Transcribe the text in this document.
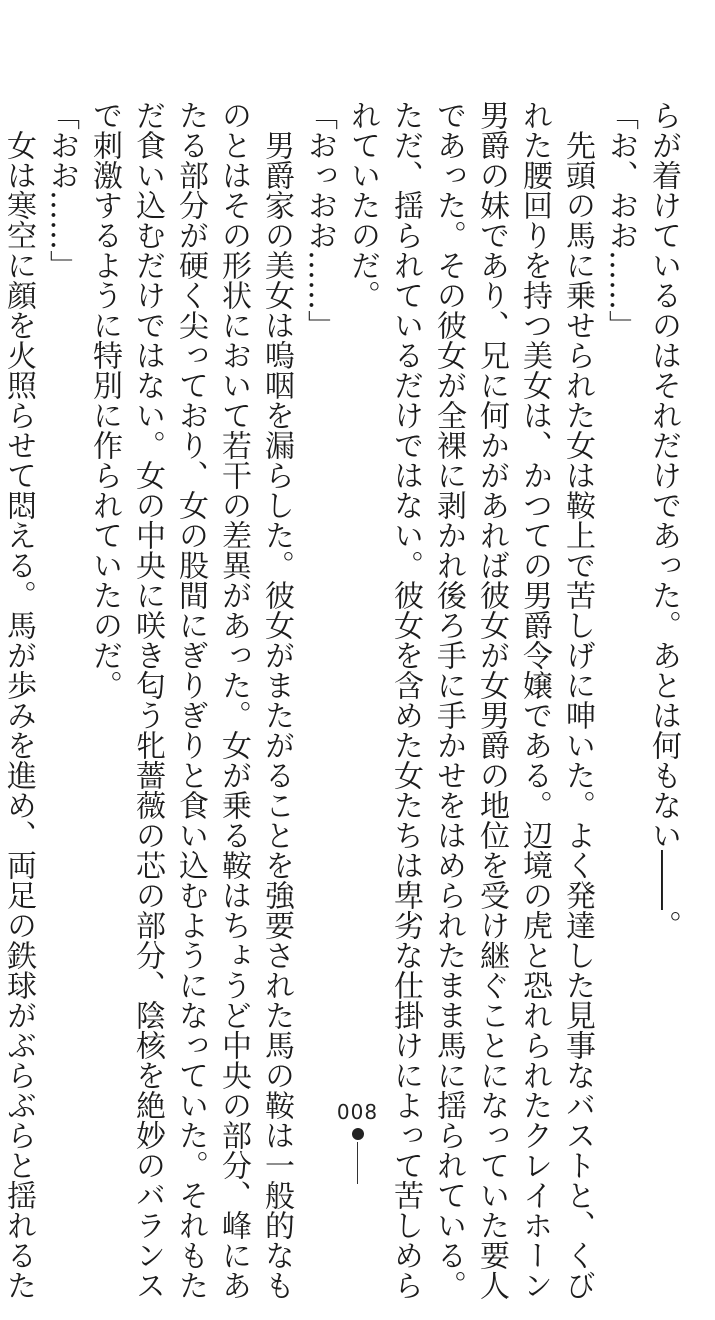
らが着けているのはそれだけであった。あとは何もない――。
「お、おお……」
　先頭の馬に乗せられた女は鞍上で苦しげに呻いた。よく発達した見事なバストと、くび
れた腰回りを持つ美女は、かつての男爵令嬢である。辺境の虎と恐れられたクレイホーン
男爵の妹であり、兄に何かがあれば彼女が女男爵の地位を受け継ぐことになっていた要人
であった。その彼女が全裸に剥かれ後ろ手に手かせをはめられたまま馬に揺られている。
ただ、揺られているだけではない。彼女を含めた女たちは卑劣な仕掛けによって苦しめら
れていたのだ。
「おっおお……」
　男爵家の美女は嗚咽を漏らした。彼女がまたがることを強要された馬の鞍は一般的なも
のとはその形状において若干の差異があった。女が乗る鞍はちょうど中央の部分、峰にあ
たる部分が硬く尖っており、女の股間にぎりぎりと食い込むようになっていた。それもた
だ食い込むだけではない。女の中央に咲き匂う牝薔薇の芯の部分、陰核を絶妙のバランス
で刺激するように特別に作られていたのだ。
「おお……」
　女は寒空に顔を火照らせて悶える。馬が歩みを進め、両足の鉄球がぶらぶらと揺れるた	008
